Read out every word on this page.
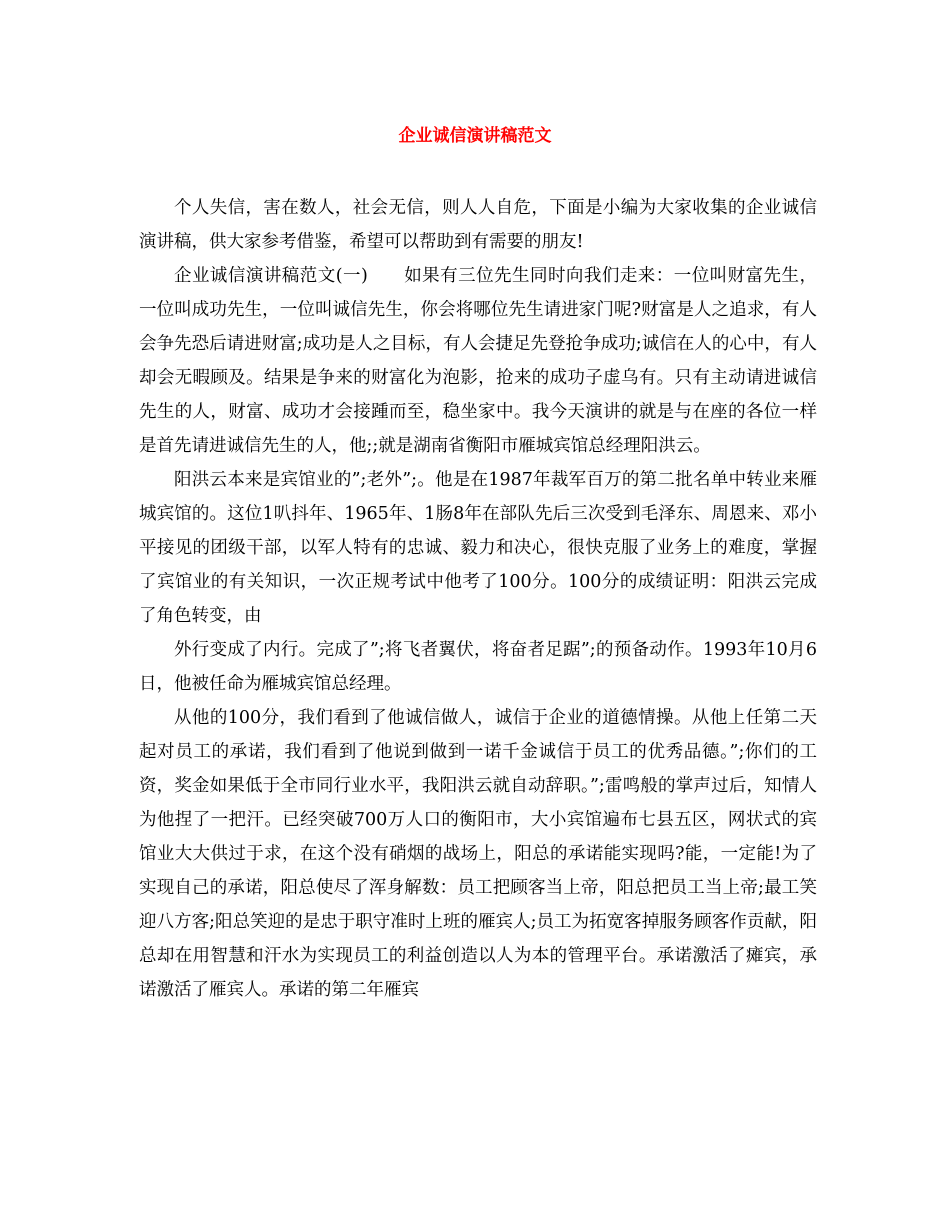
企业诚信演讲稿范文

个人失信，害在数人，社会无信，则人人自危，下面是小编为大家收集的企业诚信演讲稿，供大家参考借鉴，希望可以帮助到有需要的朋友!

企业诚信演讲稿范文(一)　　如果有三位先生同时向我们走来：一位叫财富先生，一位叫成功先生，一位叫诚信先生，你会将哪位先生请进家门呢?财富是人之追求，有人会争先恐后请进财富;成功是人之目标，有人会捷足先登抢争成功;诚信在人的心中，有人却会无暇顾及。结果是争来的财富化为泡影，抢来的成功子虚乌有。只有主动请进诚信先生的人，财富、成功才会接踵而至，稳坐家中。我今天演讲的就是与在座的各位一样是首先请进诚信先生的人，他;;就是湖南省衡阳市雁城宾馆总经理阳洪云。

阳洪云本来是宾馆业的”;老外”;。他是在1987年裁军百万的第二批名单中转业来雁城宾馆的。这位1叭抖年、1965年、1肠8年在部队先后三次受到毛泽东、周恩来、邓小平接见的团级干部，以军人特有的忠诚、毅力和决心，很快克服了业务上的难度，掌握了宾馆业的有关知识，一次正规考试中他考了100分。100分的成绩证明：阳洪云完成了角色转变，由

外行变成了内行。完成了”;将飞者翼伏，将奋者足踞”;的预备动作。1993年10月6日，他被任命为雁城宾馆总经理。

从他的100分，我们看到了他诚信做人，诚信于企业的道德情操。从他上任第二天起对员工的承诺，我们看到了他说到做到一诺千金诚信于员工的优秀品德。”;你们的工资，奖金如果低于全市同行业水平，我阳洪云就自动辞职。”;雷鸣般的掌声过后，知情人为他捏了一把汗。已经突破700万人口的衡阳市，大小宾馆遍布七县五区，网状式的宾馆业大大供过于求，在这个没有硝烟的战场上，阳总的承诺能实现吗?能，一定能!为了实现自己的承诺，阳总使尽了浑身解数：员工把顾客当上帝，阳总把员工当上帝;最工笑迎八方客;阳总笑迎的是忠于职守准时上班的雁宾人;员工为拓宽客掉服务顾客作贡献，阳总却在用智慧和汗水为实现员工的利益创造以人为本的管理平台。承诺激活了瘫宾，承诺激活了雁宾人。承诺的第二年雁宾
